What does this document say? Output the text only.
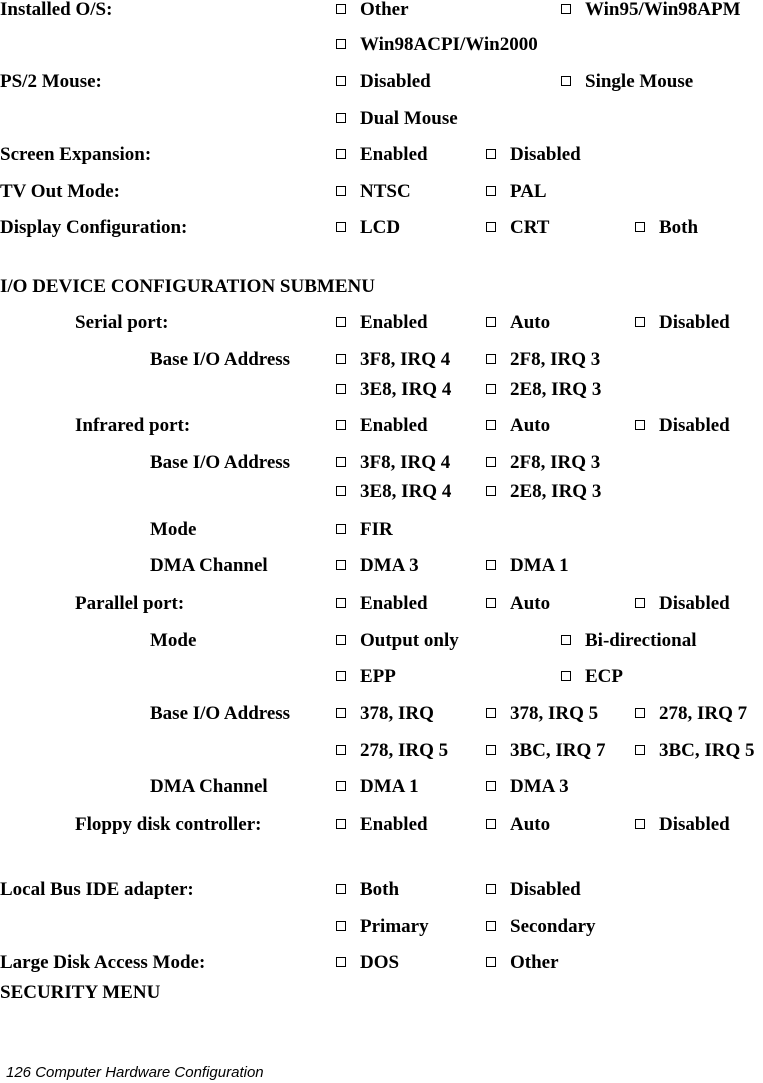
Installed O/S:	Other	Win95/Win98APM
Win98ACPI/Win2000
PS/2 Mouse:	Disabled	Single Mouse
Dual Mouse
Screen Expansion:	Enabled	Disabled
TV Out Mode:	NTSC	PAL
Display Configuration:	LCD	CRT	Both
I/O DEVICE CONFIGURATION SUBMENU
Serial port:	Enabled	Auto	Disabled
Base I/O Address	3F8, IRQ 4	2F8, IRQ 3
3E8, IRQ 4	2E8, IRQ 3
Infrared port:	Enabled	Auto	Disabled
Base I/O Address	3F8, IRQ 4	2F8, IRQ 3
3E8, IRQ 4	2E8, IRQ 3
Mode	FIR
DMA Channel	DMA 3	DMA 1
Parallel port:	Enabled	Auto	Disabled
Mode	Output only	Bi-directional
EPP	ECP
Base I/O Address	378, IRQ	378, IRQ 5	278, IRQ 7
278, IRQ 5	3BC, IRQ 7	3BC, IRQ 5
DMA Channel	DMA 1	DMA 3
Floppy disk controller:	Enabled	Auto	Disabled
Local Bus IDE adapter:	Both	Disabled
Primary	Secondary
Large Disk Access Mode:	DOS	Other
SECURITY MENU
126 Computer Hardware Configuration
